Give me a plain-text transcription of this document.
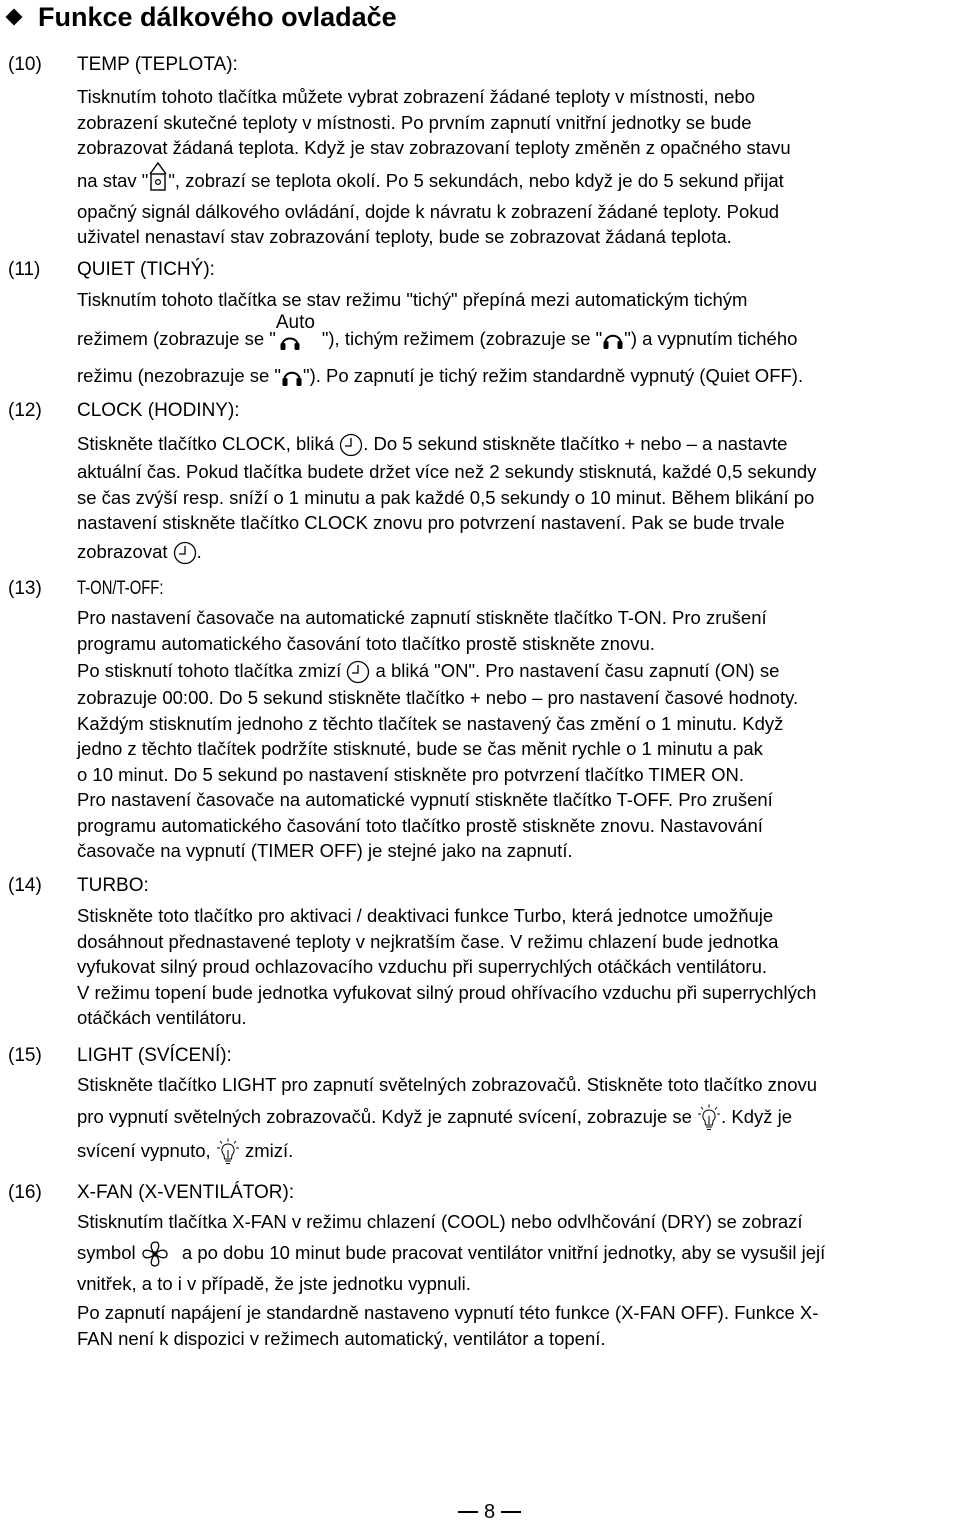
Funkce dálkového ovladače
(10) TEMP (TEPLOTA):
Tisknutím tohoto tlačítka můžete vybrat zobrazení žádané teploty v místnosti, nebo
zobrazení skutečné teploty v místnosti. Po prvním zapnutí vnitřní jednotky se bude
zobrazovat žádaná teplota. Když je stav zobrazovaní teploty změněn z opačného stavu
na stav " ", zobrazí se teplota okolí. Po 5 sekundách, nebo když je do 5 sekund přijat
opačný signál dálkového ovládání, dojde k návratu k zobrazení žádané teploty. Pokud
uživatel nenastaví stav zobrazování teploty, bude se zobrazovat žádaná teplota.
(11) QUIET (TICHÝ):
Tisknutím tohoto tlačítka se stav režimu "tichý" přepíná mezi automatickým tichým
režimem (zobrazuje se "
Auto
"), tichým režimem (zobrazuje se " ") a vypnutím tichého
režimu (nezobrazuje se " "). Po zapnutí je tichý režim standardně vypnutý (Quiet OFF).
(12) CLOCK (HODINY):
Stiskněte tlačítko CLOCK, bliká
. Do 5 sekund stiskněte tlačítko + nebo – a nastavte
aktuální čas. Pokud tlačítka budete držet více než 2 sekundy stisknutá, každé 0,5 sekundy
se čas zvýší resp. sníží o 1 minutu a pak každé 0,5 sekundy o 10 minut. Během blikání po
nastavení stiskněte tlačítko CLOCK znovu pro potvrzení nastavení. Pak se bude trvale
zobrazovat
.
(13) T-ON/T-OFF:
Pro nastavení časovače na automatické zapnutí stiskněte tlačítko T-ON. Pro zrušení
programu automatického časování toto tlačítko prostě stiskněte znovu.
Po stisknutí tohoto tlačítka zmizí
a bliká "ON". Pro nastavení času zapnutí (ON) se
zobrazuje 00:00. Do 5 sekund stiskněte tlačítko + nebo – pro nastavení časové hodnoty.
Každým stisknutím jednoho z těchto tlačítek se nastavený čas změní o 1 minutu. Když
jedno z těchto tlačítek podržíte stisknuté, bude se čas měnit rychle o 1 minutu a pak
o 10 minut. Do 5 sekund po nastavení stiskněte pro potvrzení tlačítko TIMER ON.
Pro nastavení časovače na automatické vypnutí stiskněte tlačítko T-OFF. Pro zrušení
programu automatického časování toto tlačítko prostě stiskněte znovu. Nastavování
časovače na vypnutí (TIMER OFF) je stejné jako na zapnutí.
(14) TURBO:
Stiskněte toto tlačítko pro aktivaci / deaktivaci funkce Turbo, která jednotce umožňuje
dosáhnout přednastavené teploty v nejkratším čase. V režimu chlazení bude jednotka
vyfukovat silný proud ochlazovacího vzduchu při superrychlých otáčkách ventilátoru.
V režimu topení bude jednotka vyfukovat silný proud ohřívacího vzduchu při superrychlých
otáčkách ventilátoru.
(15) LIGHT (SVÍCENÍ):
Stiskněte tlačítko LIGHT pro zapnutí světelných zobrazovačů. Stiskněte toto tlačítko znovu
pro vypnutí světelných zobrazovačů. Když je zapnuté svícení, zobrazuje se
. Když je
svícení vypnuto,
zmizí.
(16) X-FAN (X-VENTILÁTOR):
Stisknutím tlačítka X-FAN v režimu chlazení (COOL) nebo odvlhčování (DRY) se zobrazí
symbol
a po dobu 10 minut bude pracovat ventilátor vnitřní jednotky, aby se vysušil její
vnitřek, a to i v případě, že jste jednotku vypnuli.
Po zapnutí napájení je standardně nastaveno vypnutí této funkce (X-FAN OFF). Funkce X-
FAN není k dispozici v režimech automatický, ventilátor a topení.
8
